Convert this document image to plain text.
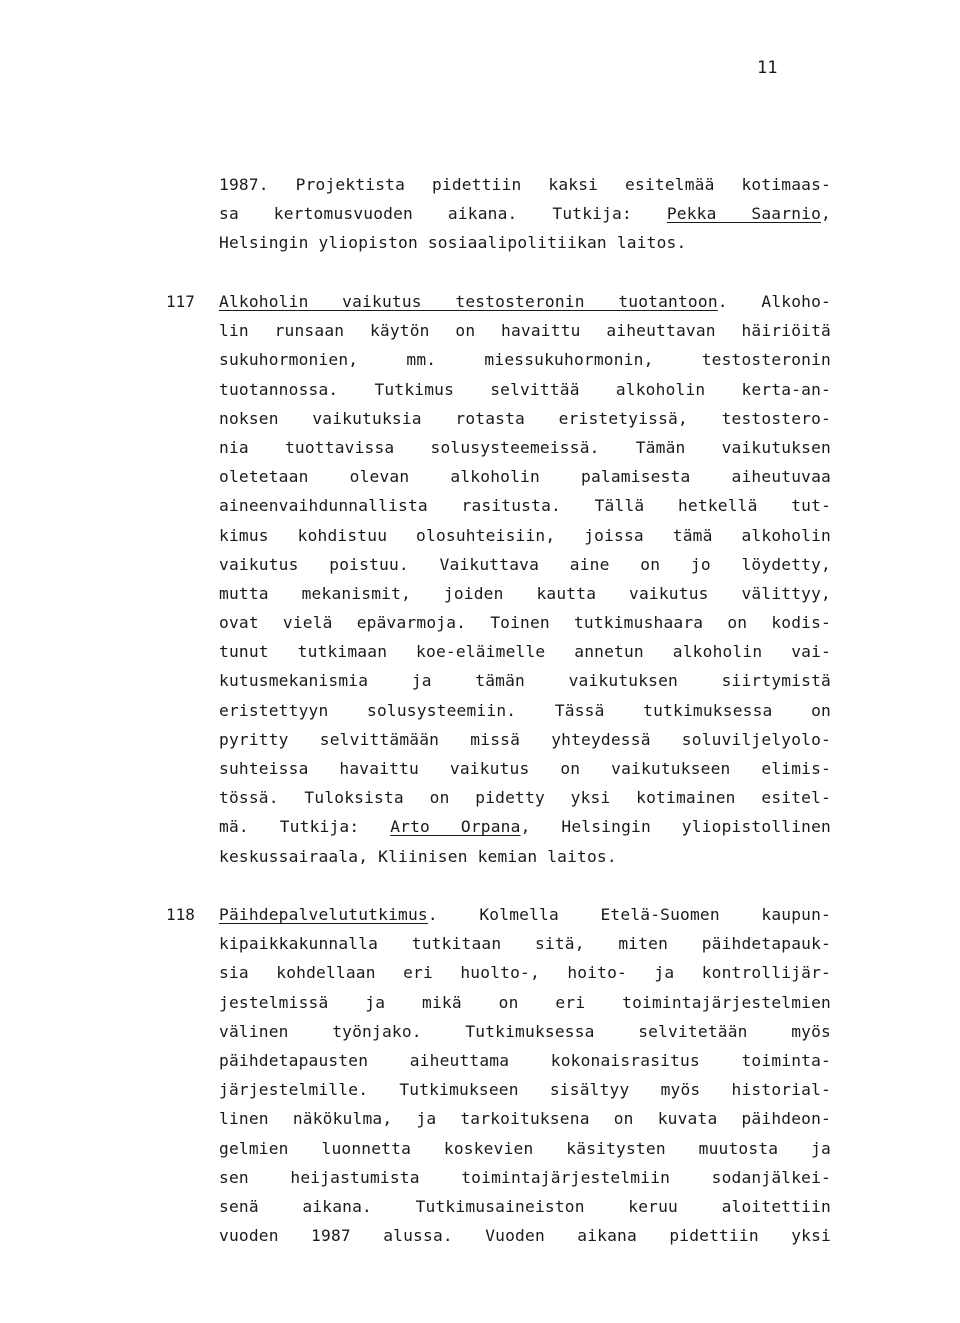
11
1987. Projektista pidettiin kaksi esitelmää kotimaas-
sa kertomusvuoden aikana. Tutkija: Pekka Saarnio,
Helsingin yliopiston sosiaalipolitiikan laitos.
117 Alkoholin vaikutus testosteronin tuotantoon. Alkoho-
lin runsaan käytön on havaittu aiheuttavan häiriöitä
sukuhormonien, mm. miessukuhormonin, testosteronin
tuotannossa. Tutkimus selvittää alkoholin kerta-an-
noksen vaikutuksia rotasta eristetyissä, testostero-
nia tuottavissa solusysteemeissä. Tämän vaikutuksen
oletetaan olevan alkoholin palamisesta aiheutuvaa
aineenvaihdunnallista rasitusta. Tällä hetkellä tut-
kimus kohdistuu olosuhteisiin, joissa tämä alkoholin
vaikutus poistuu. Vaikuttava aine on jo löydetty,
mutta mekanismit, joiden kautta vaikutus välittyy,
ovat vielä epävarmoja. Toinen tutkimushaara on kodis-
tunut tutkimaan koe-eläimelle annetun alkoholin vai-
kutusmekanismia ja tämän vaikutuksen siirtymistä
eristettyyn solusysteemiin. Tässä tutkimuksessa on
pyritty selvittämään missä yhteydessä soluviljelyolo-
suhteissa havaittu vaikutus on vaikutukseen elimis-
tössä. Tuloksista on pidetty yksi kotimainen esitel-
mä. Tutkija: Arto Orpana, Helsingin yliopistollinen
keskussairaala, Kliinisen kemian laitos.
118 Päihdepalvelututkimus. Kolmella Etelä-Suomen kaupun-
kipaikkakunnalla tutkitaan sitä, miten päihdetapauk-
sia kohdellaan eri huolto-, hoito- ja kontrollijär-
jestelmissä ja mikä on eri toimintajärjestelmien
välinen työnjako. Tutkimuksessa selvitetään myös
päihdetapausten aiheuttama kokonaisrasitus toiminta-
järjestelmille. Tutkimukseen sisältyy myös historial-
linen näkökulma, ja tarkoituksena on kuvata päihdeon-
gelmien luonnetta koskevien käsitysten muutosta ja
sen heijastumista toimintajärjestelmiin sodanjälkei-
senä aikana. Tutkimusaineiston keruu aloitettiin
vuoden 1987 alussa. Vuoden aikana pidettiin yksi
